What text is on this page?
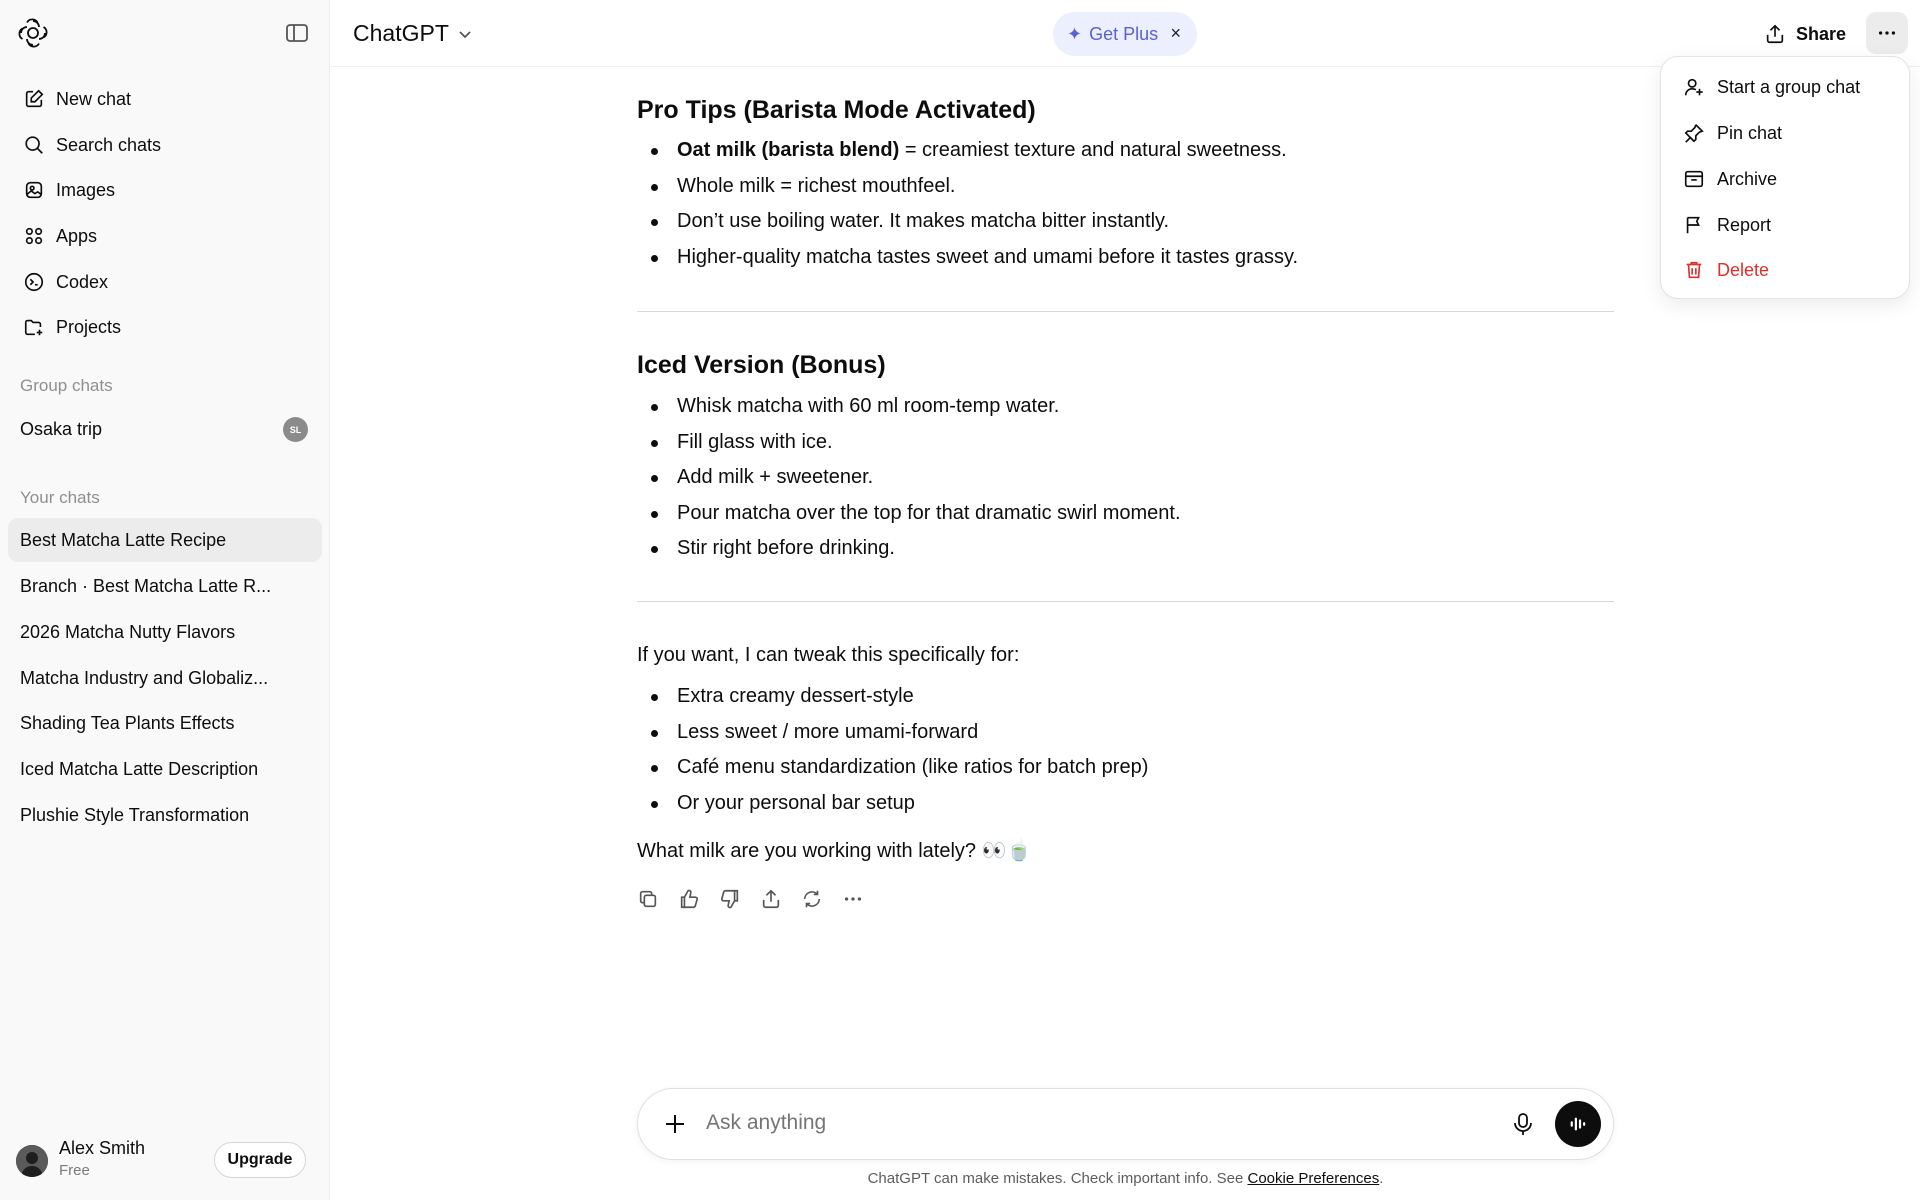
New chat
Search chats
Images
Apps
Codex
Projects
Group chats
Osaka trip	SL
Your chats
Best Matcha Latte Recipe
Branch · Best Matcha Latte R...
2026 Matcha Nutty Flavors
Matcha Industry and Globaliz...
Shading Tea Plants Effects
Iced Matcha Latte Description
Plushie Style Transformation
Alex Smith
Free
Upgrade
ChatGPT	✦ Get Plus ×	Share
Pro Tips (Barista Mode Activated)
Oat milk (barista blend) = creamiest texture and natural sweetness.
Whole milk = richest mouthfeel.
Don’t use boiling water. It makes matcha bitter instantly.
Higher-quality matcha tastes sweet and umami before it tastes grassy.
Iced Version (Bonus)
Whisk matcha with 60 ml room-temp water.
Fill glass with ice.
Add milk + sweetener.
Pour matcha over the top for that dramatic swirl moment.
Stir right before drinking.
If you want, I can tweak this specifically for:
Extra creamy dessert-style
Less sweet / more umami-forward
Café menu standardization (like ratios for batch prep)
Or your personal bar setup
What milk are you working with lately? 👀🍵
Start a group chat
Pin chat
Archive
Report
Delete
Ask anything
ChatGPT can make mistakes. Check important info. See Cookie Preferences.
